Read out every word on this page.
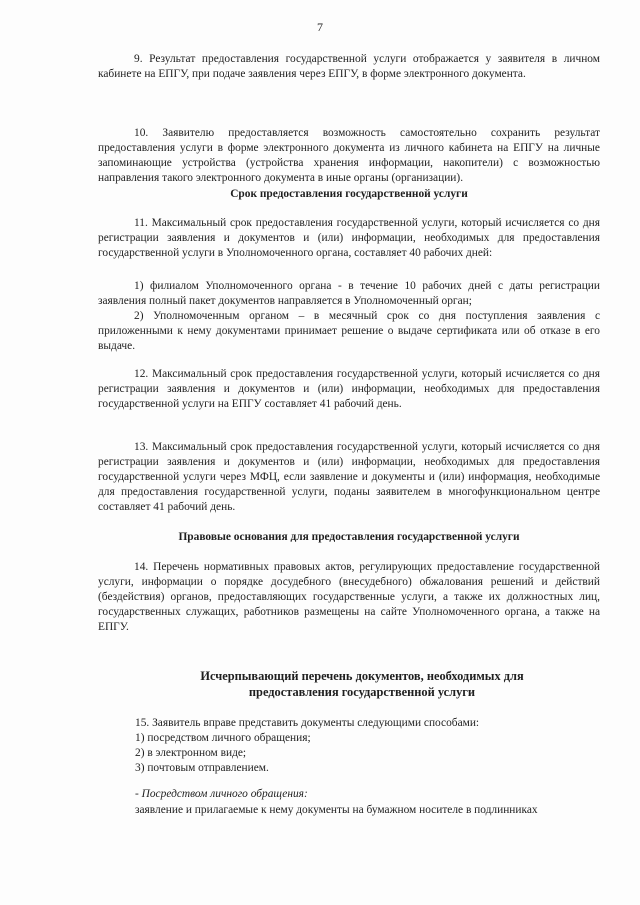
7
9. Результат предоставления государственной услуги отображается у заявителя в личном кабинете на ЕПГУ, при подаче заявления через ЕПГУ, в форме электронного документа.
10. Заявителю предоставляется возможность самостоятельно сохранить результат предоставления услуги в форме электронного документа из личного кабинета на ЕПГУ на личные запоминающие устройства (устройства хранения информации, накопители) с возможностью направления такого электронного документа в иные органы (организации).
Срок предоставления государственной услуги
11. Максимальный срок предоставления государственной услуги, который исчисляется со дня регистрации заявления и документов и (или) информации, необходимых для предоставления государственной услуги в Уполномоченного органа, составляет 40 рабочих дней:
1) филиалом Уполномоченного органа - в течение 10 рабочих дней с даты регистрации заявления полный пакет документов направляется в Уполномоченный орган;
2) Уполномоченным органом – в месячный срок со дня поступления заявления с приложенными к нему документами принимает решение о выдаче сертификата или об отказе в его выдаче.
12. Максимальный срок предоставления государственной услуги, который исчисляется со дня регистрации заявления и документов и (или) информации, необходимых для предоставления государственной услуги на ЕПГУ составляет 41 рабочий день.
13. Максимальный срок предоставления государственной услуги, который исчисляется со дня регистрации заявления и документов и (или) информации, необходимых для предоставления государственной услуги через МФЦ, если заявление и документы и (или) информация, необходимые для предоставления государственной услуги, поданы заявителем в многофункциональном центре составляет 41 рабочий день.
Правовые основания для предоставления государственной услуги
14. Перечень нормативных правовых актов, регулирующих предоставление государственной услуги, информации о порядке досудебного (внесудебного) обжалования решений и действий (бездействия) органов, предоставляющих государственные услуги, а также их должностных лиц, государственных служащих, работников размещены на сайте Уполномоченного органа, а также на ЕПГУ.
Исчерпывающий перечень документов, необходимых для
предоставления государственной услуги
15. Заявитель вправе представить документы следующими способами:
1) посредством личного обращения;
2) в электронном виде;
3) почтовым отправлением.
- Посредством личного обращения:
заявление и прилагаемые к нему документы на бумажном носителе в подлинниках
